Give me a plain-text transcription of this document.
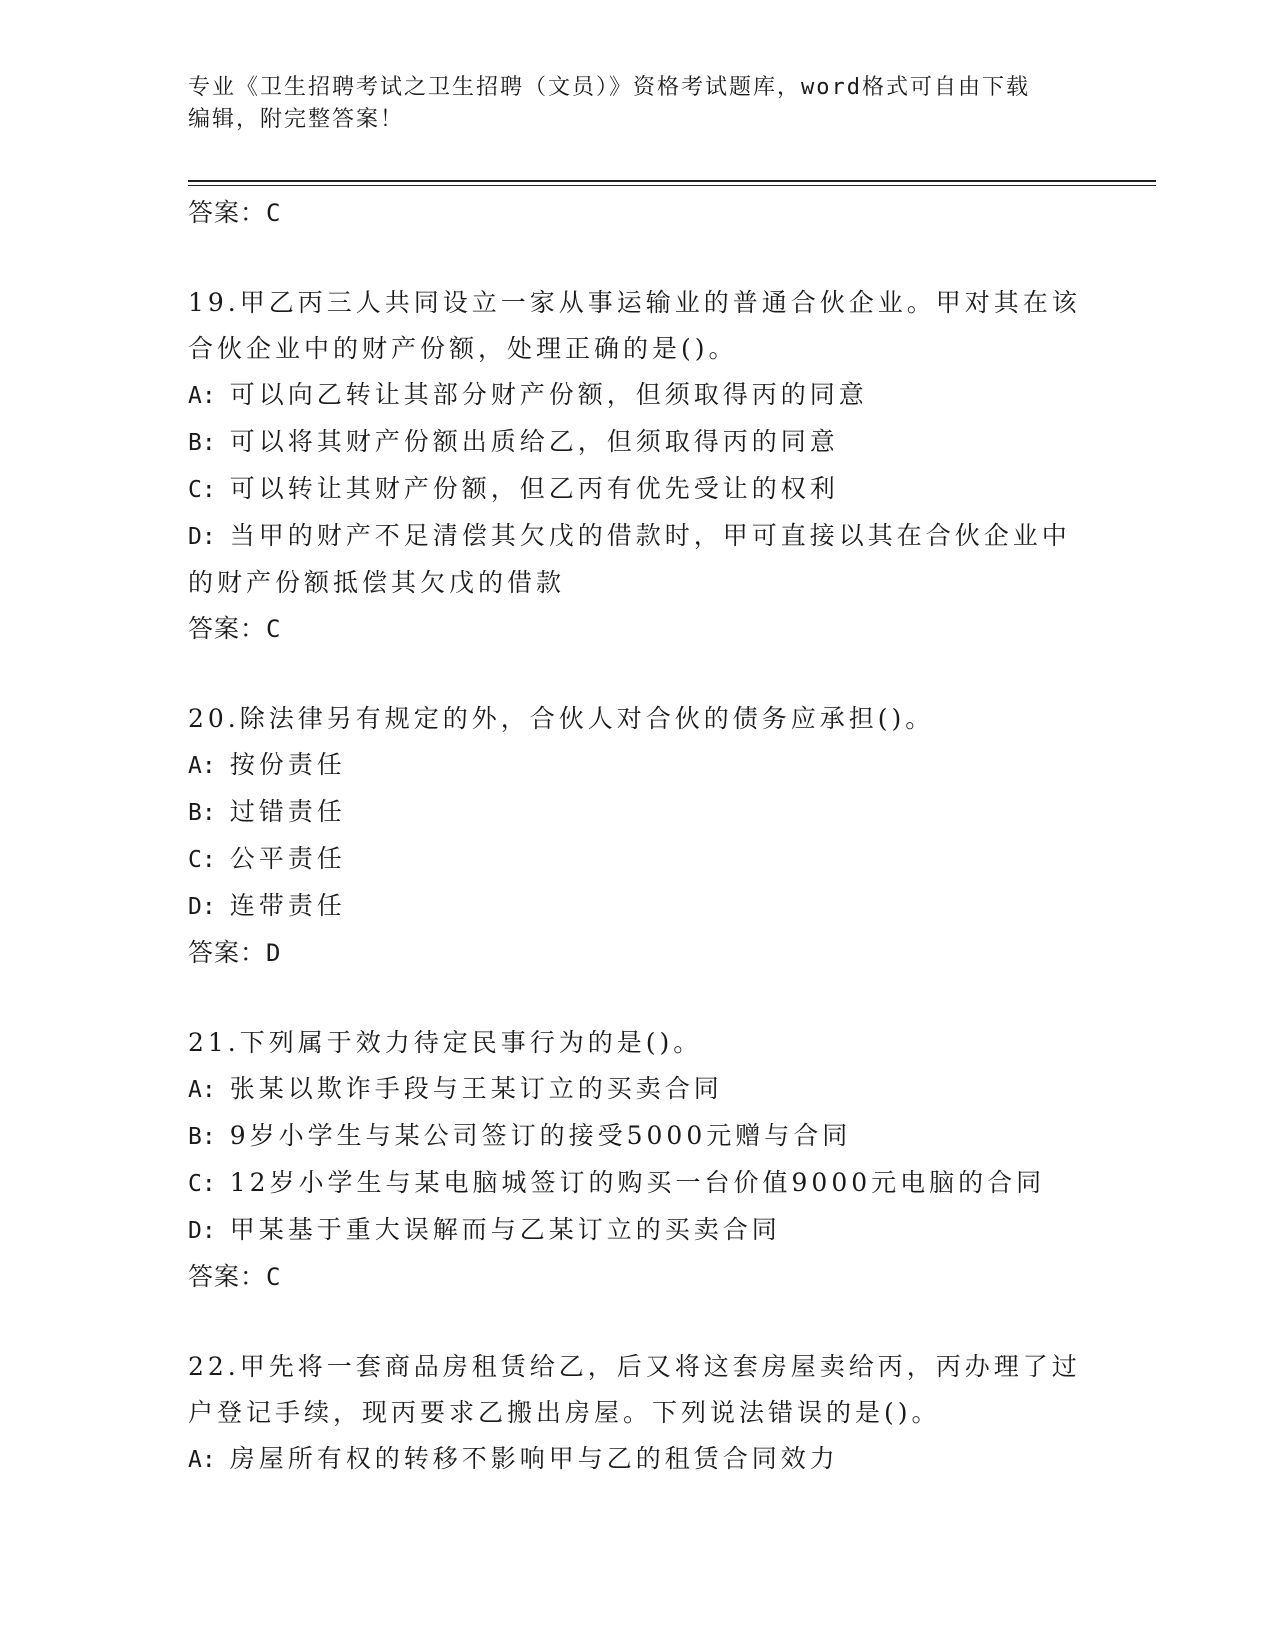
专业《卫生招聘考试之卫生招聘（文员）》资格考试题库，word格式可自由下载
编辑，附完整答案！

答案：C

19.甲乙丙三人共同设立一家从事运输业的普通合伙企业。甲对其在该合伙企业中的财产份额，处理正确的是()。

A: 可以向乙转让其部分财产份额，但须取得丙的同意

B: 可以将其财产份额出质给乙，但须取得丙的同意

C: 可以转让其财产份额，但乙丙有优先受让的权利

D: 当甲的财产不足清偿其欠戊的借款时，甲可直接以其在合伙企业中的财产份额抵偿其欠戊的借款

答案：C

20.除法律另有规定的外，合伙人对合伙的债务应承担()。

A: 按份责任

B: 过错责任

C: 公平责任

D: 连带责任

答案：D

21.下列属于效力待定民事行为的是()。

A: 张某以欺诈手段与王某订立的买卖合同

B: 9岁小学生与某公司签订的接受5000元赠与合同

C: 12岁小学生与某电脑城签订的购买一台价值9000元电脑的合同

D: 甲某基于重大误解而与乙某订立的买卖合同

答案：C

22.甲先将一套商品房租赁给乙，后又将这套房屋卖给丙，丙办理了过户登记手续，现丙要求乙搬出房屋。下列说法错误的是()。

A: 房屋所有权的转移不影响甲与乙的租赁合同效力
